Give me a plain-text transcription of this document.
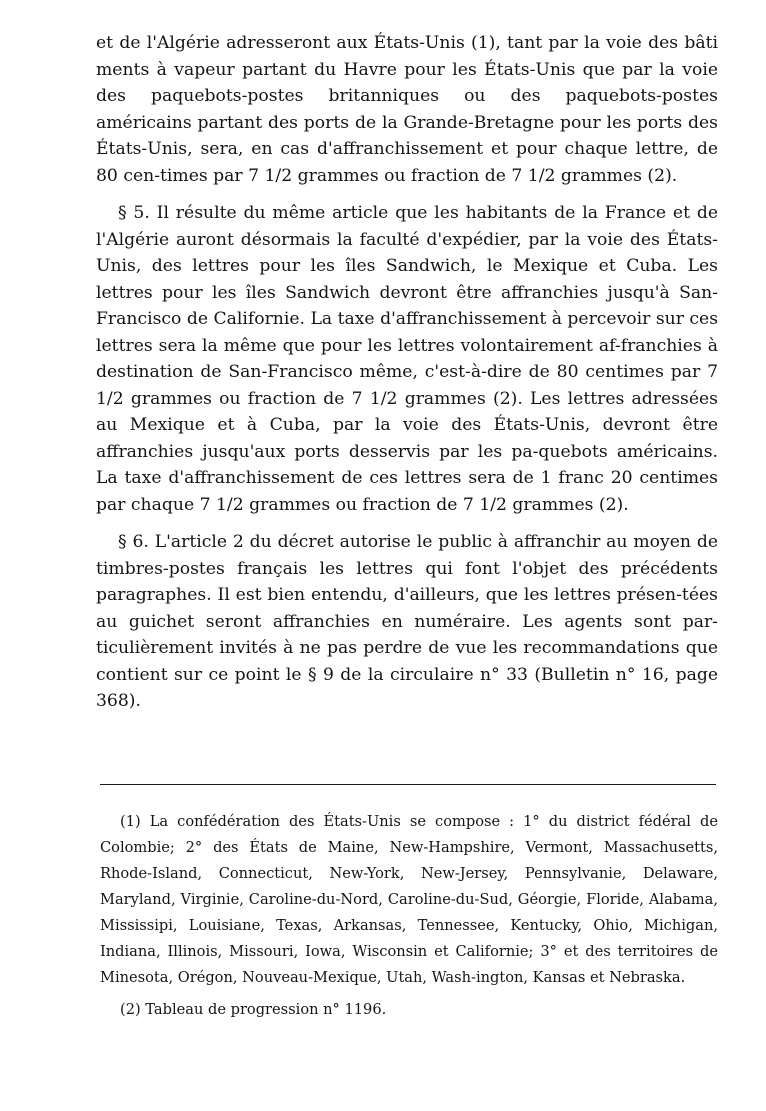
et de l'Algérie adresseront aux États-Unis (1), tant par la voie des bâti ments à vapeur partant du Havre pour les États-Unis que par la voie des paquebots-postes britanniques ou des paquebots-postes américains partant des ports de la Grande-Bretagne pour les ports des États-Unis, sera, en cas d'affranchissement et pour chaque lettre, de 80 cen-times par 7 1/2 grammes ou fraction de 7 1/2 grammes (2).

§ 5. Il résulte du même article que les habitants de la France et de l'Algérie auront désormais la faculté d'expédier, par la voie des États-Unis, des lettres pour les îles Sandwich, le Mexique et Cuba. Les lettres pour les îles Sandwich devront être affranchies jusqu'à San-Francisco de Californie. La taxe d'affranchissement à percevoir sur ces lettres sera la même que pour les lettres volontairement af-franchies à destination de San-Francisco même, c'est-à-dire de 80 centimes par 7 1/2 grammes ou fraction de 7 1/2 grammes (2). Les lettres adressées au Mexique et à Cuba, par la voie des États-Unis, devront être affranchies jusqu'aux ports desservis par les pa-quebots américains. La taxe d'affranchissement de ces lettres sera de 1 franc 20 centimes par chaque 7 1/2 grammes ou fraction de 7 1/2 grammes (2).

§ 6. L'article 2 du décret autorise le public à affranchir au moyen de timbres-postes français les lettres qui font l'objet des précédents paragraphes. Il est bien entendu, d'ailleurs, que les lettres présen-tées au guichet seront affranchies en numéraire. Les agents sont par-ticulièrement invités à ne pas perdre de vue les recommandations que contient sur ce point le § 9 de la circulaire n° 33 (Bulletin n° 16, page 368).

(1) La confédération des États-Unis se compose : 1° du district fédéral de Colombie; 2° des États de Maine, New-Hampshire, Vermont, Massachusetts, Rhode-Island, Connecticut, New-York, New-Jersey, Pennsylvanie, Delaware, Maryland, Virginie, Caroline-du-Nord, Caroline-du-Sud, Géorgie, Floride, Alabama, Mississipi, Louisiane, Texas, Arkansas, Tennessee, Kentucky, Ohio, Michigan, Indiana, Illinois, Missouri, Iowa, Wisconsin et Californie; 3° et des territoires de Minesota, Orégon, Nouveau-Mexique, Utah, Wash-ington, Kansas et Nebraska.

(2) Tableau de progression n° 1196.
